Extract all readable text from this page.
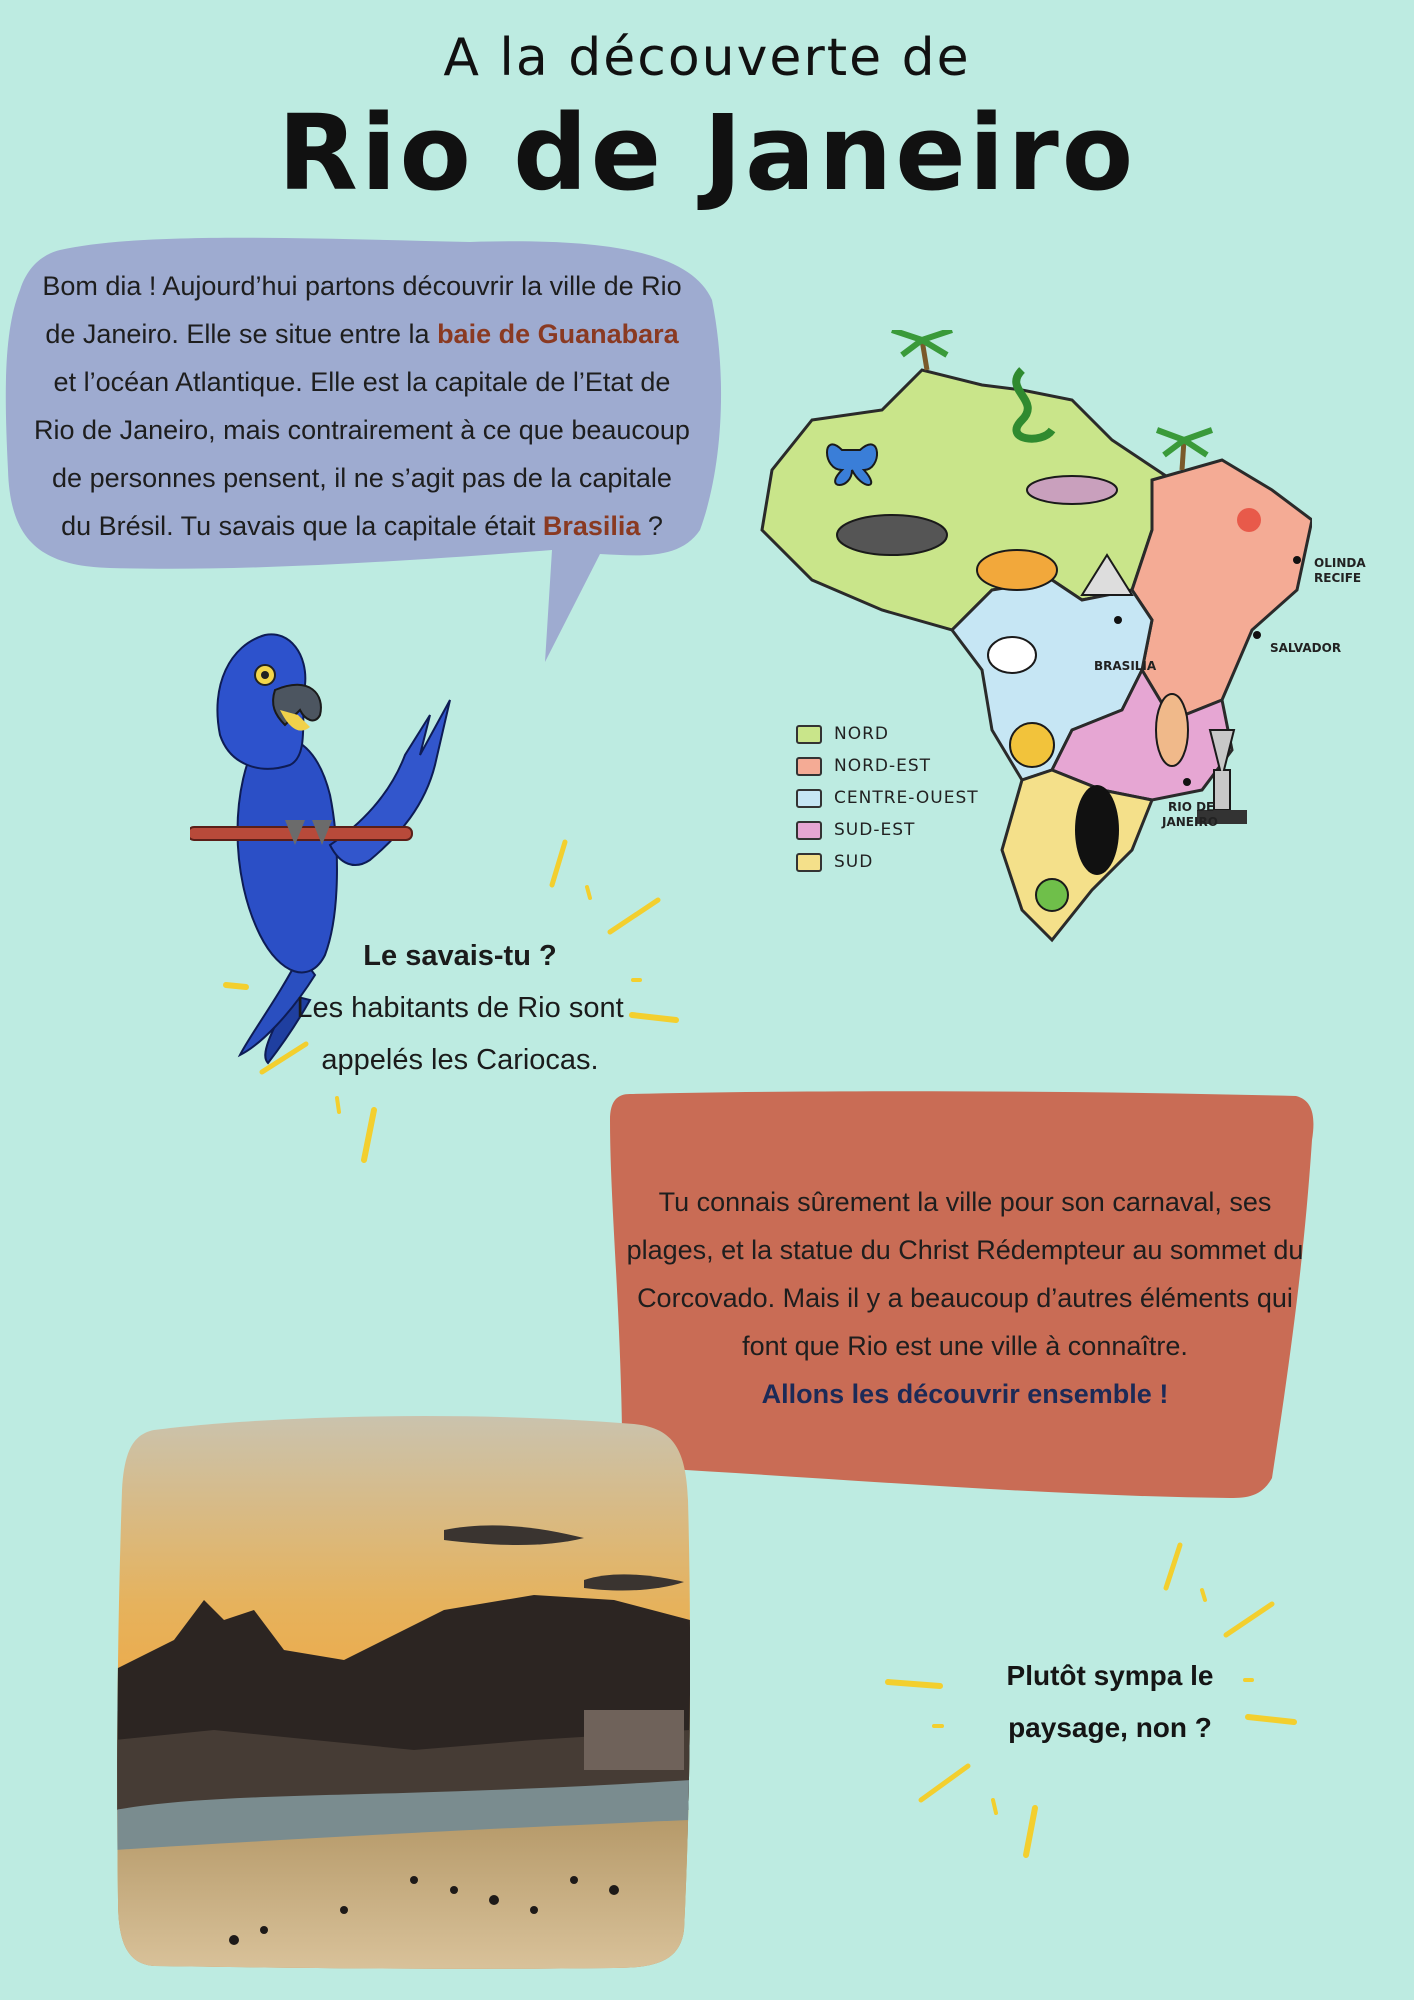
A la découverte de
Rio de Janeiro
Bom dia ! Aujourd’hui partons découvrir la ville de Rio de Janeiro. Elle se situe entre la baie de Guanabara et l’océan Atlantique. Elle est la capitale de l’Etat de Rio de Janeiro, mais contrairement à ce que beaucoup de personnes pensent, il ne s’agit pas de la capitale du Brésil. Tu savais que la capitale était Brasilia ?
Le savais-tu ?
Les habitants de Rio sont
appelés les Cariocas.
OLINDA
RECIFE
SALVADOR
BRASILIA
RIO DE
JANEIRO
NORD
NORD-EST
CENTRE-OUEST
SUD-EST
SUD
Tu connais sûrement la ville pour son carnaval, ses plages, et la statue du Christ Rédempteur au sommet du Corcovado. Mais il y a beaucoup d’autres éléments qui font que Rio est une ville à connaître.
Allons les découvrir ensemble !
Plutôt sympa le
paysage, non ?
